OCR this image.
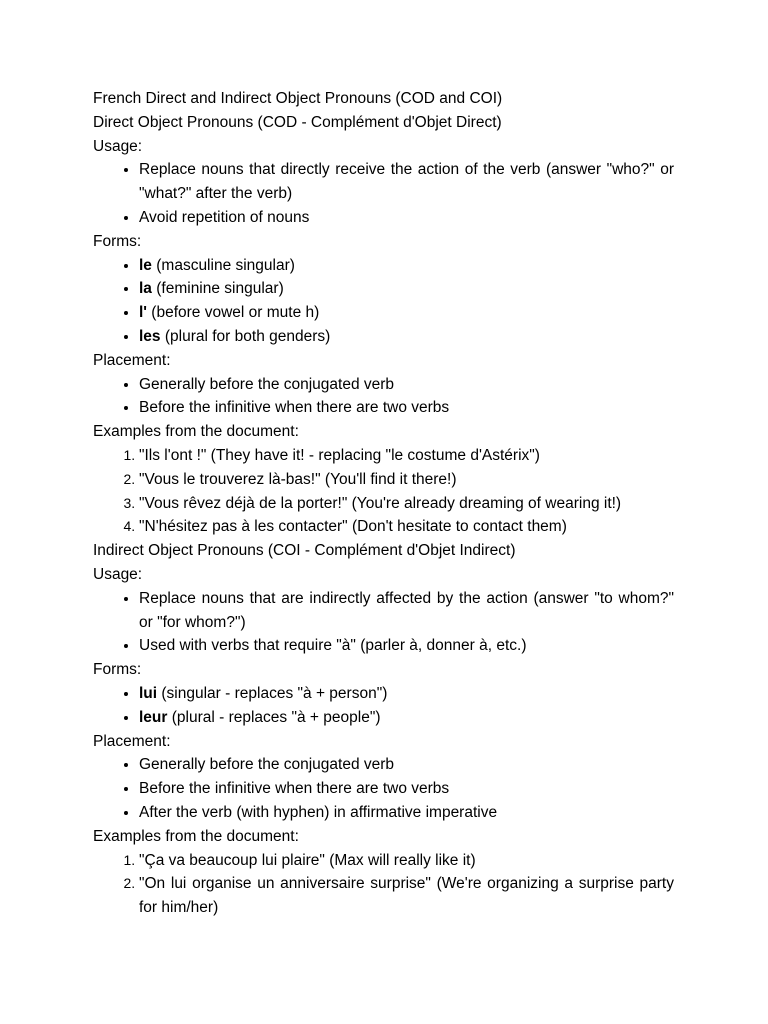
French Direct and Indirect Object Pronouns (COD and COI)

Direct Object Pronouns (COD - Complément d'Objet Direct)

Usage:

• Replace nouns that directly receive the action of the verb (answer "who?" or "what?" after the verb)
• Avoid repetition of nouns

Forms:

• le (masculine singular)
• la (feminine singular)
• l' (before vowel or mute h)
• les (plural for both genders)

Placement:

• Generally before the conjugated verb
• Before the infinitive when there are two verbs

Examples from the document:

1. "Ils l'ont !" (They have it! - replacing "le costume d'Astérix")
2. "Vous le trouverez là-bas!" (You'll find it there!)
3. "Vous rêvez déjà de la porter!" (You're already dreaming of wearing it!)
4. "N'hésitez pas à les contacter" (Don't hesitate to contact them)

Indirect Object Pronouns (COI - Complément d'Objet Indirect)

Usage:

• Replace nouns that are indirectly affected by the action (answer "to whom?" or "for whom?")
• Used with verbs that require "à" (parler à, donner à, etc.)

Forms:

• lui (singular - replaces "à + person")
• leur (plural - replaces "à + people")

Placement:

• Generally before the conjugated verb
• Before the infinitive when there are two verbs
• After the verb (with hyphen) in affirmative imperative

Examples from the document:

1. "Ça va beaucoup lui plaire" (Max will really like it)
2. "On lui organise un anniversaire surprise" (We're organizing a surprise party for him/her)
